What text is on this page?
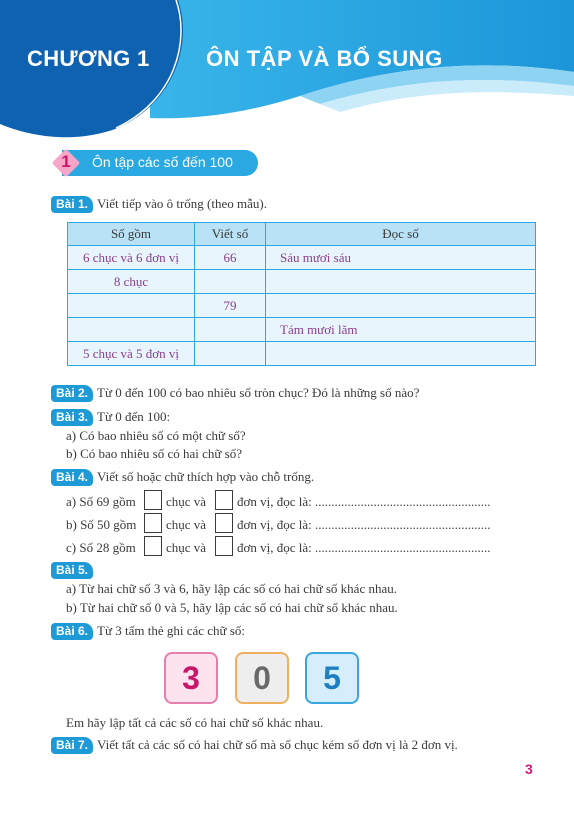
CHƯƠNG 1	ÔN TẬP VÀ BỔ SUNG
1	Ôn tập các số đến 100
Bài 1. Viết tiếp vào ô trống (theo mẫu).
Số gồm	Viết số	Đọc số
6 chục và 6 đơn vị	66	Sáu mươi sáu
8 chục		
	79	
		Tám mươi lăm
5 chục và 5 đơn vị		
Bài 2. Từ 0 đến 100 có bao nhiêu số tròn chục? Đó là những số nào?
Bài 3. Từ 0 đến 100:
a) Có bao nhiêu số có một chữ số?
b) Có bao nhiêu số có hai chữ số?
Bài 4. Viết số hoặc chữ thích hợp vào chỗ trống.
a) Số 69 gồm chục và đơn vị, đọc là: ......................................................
b) Số 50 gồm chục và đơn vị, đọc là: ......................................................
c) Số 28 gồm chục và đơn vị, đọc là: ......................................................
Bài 5.
a) Từ hai chữ số 3 và 6, hãy lập các số có hai chữ số khác nhau.
b) Từ hai chữ số 0 và 5, hãy lập các số có hai chữ số khác nhau.
Bài 6. Từ 3 tấm thẻ ghi các chữ số:
3	0	5
Em hãy lập tất cả các số có hai chữ số khác nhau.
Bài 7. Viết tất cả các số có hai chữ số mà số chục kém số đơn vị là 2 đơn vị.
3
